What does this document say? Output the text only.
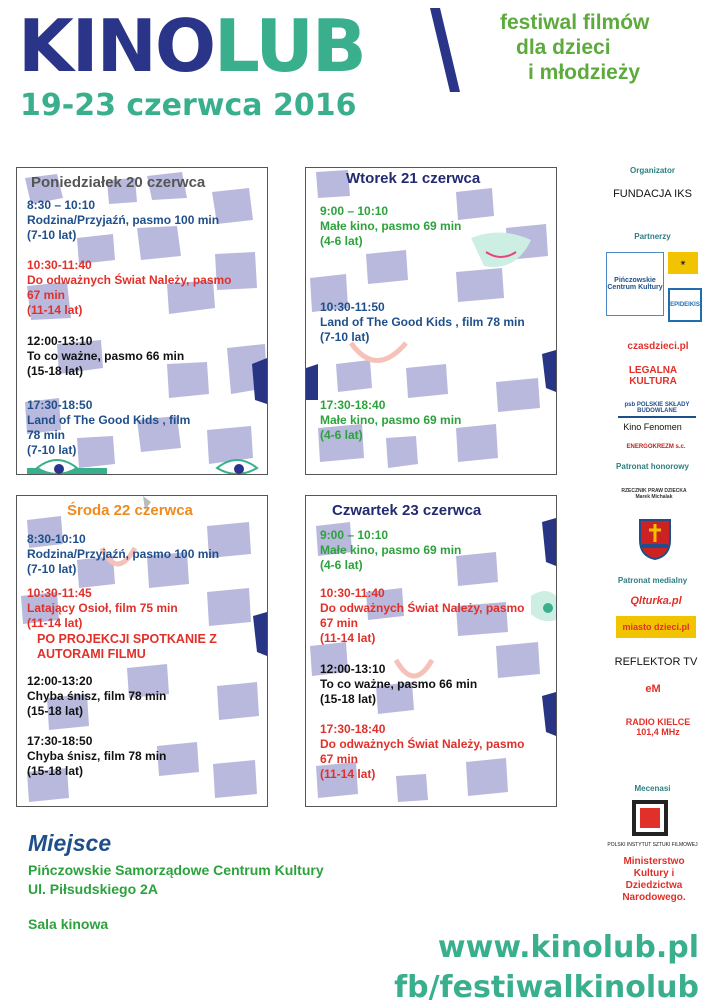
KINOLUB	festiwal filmów
dla dzieci
i młodzieży
19-23 czerwca 2016
Poniedziałek 20 czerwca
8:30 – 10:10
Rodzina/Przyjaźń, pasmo 100 min
(7-10 lat)
10:30-11:40
Do odważnych Świat Należy, pasmo
67 min
(11-14 lat)
12:00-13:10
To co ważne, pasmo 66 min
(15-18 lat)
17:30-18:50
Land of The Good Kids , film
78 min
(7-10 lat)
Wtorek 21 czerwca
9:00 – 10:10
Małe kino, pasmo 69 min
(4-6 lat)
10:30-11:50
Land of The Good Kids , film 78 min
(7-10 lat)
17:30-18:40
Małe kino, pasmo 69 min
(4-6 lat)
Środa 22 czerwca
8:30-10:10
Rodzina/Przyjaźń, pasmo 100 min
(7-10 lat)
10:30-11:45
Latający Osioł, film 75 min
(11-14 lat)
PO PROJEKCJI SPOTKANIE Z
AUTORAMI FILMU
12:00-13:20
Chyba śnisz, film 78 min
(15-18 lat)
17:30-18:50
Chyba śnisz, film 78 min
(15-18 lat)
Czwartek 23 czerwca
9:00 – 10:10
Małe kino, pasmo 69 min
(4-6 lat)
10:30-11:40
Do odważnych Świat Należy, pasmo
67 min
(11-14 lat)
12:00-13:10
To co ważne, pasmo 66 min
(15-18 lat)
17:30-18:40
Do odważnych Świat Należy, pasmo
67 min
(11-14 lat)
Organizator
FUNDACJA IKS
Partnerzy
Pińczowskie Centrum Kultury
☀
EPIDEIKIS
czasdzieci.pl
LEGALNA KULTURA
psb POLSKIE SKŁADY BUDOWLANE
Kino Fenomen
ENERGOKREZM s.c.
Patronat honorowy
RZECZNIK PRAW DZIECKA Marek Michalak
Patronat medialny
Qlturka.pl
miasto dzieci.pl
REFLEKTOR TV
eM
RADIO KIELCE 101,4 MHz
Mecenasi
POLSKI INSTYTUT SZTUKI FILMOWEJ
Ministerstwo Kultury i Dziedzictwa Narodowego.
Miejsce
Pińczowskie Samorządowe Centrum Kultury
Ul. Piłsudskiego 2A
Sala kinowa
www.kinolub.pl
fb/festiwalkinolub
